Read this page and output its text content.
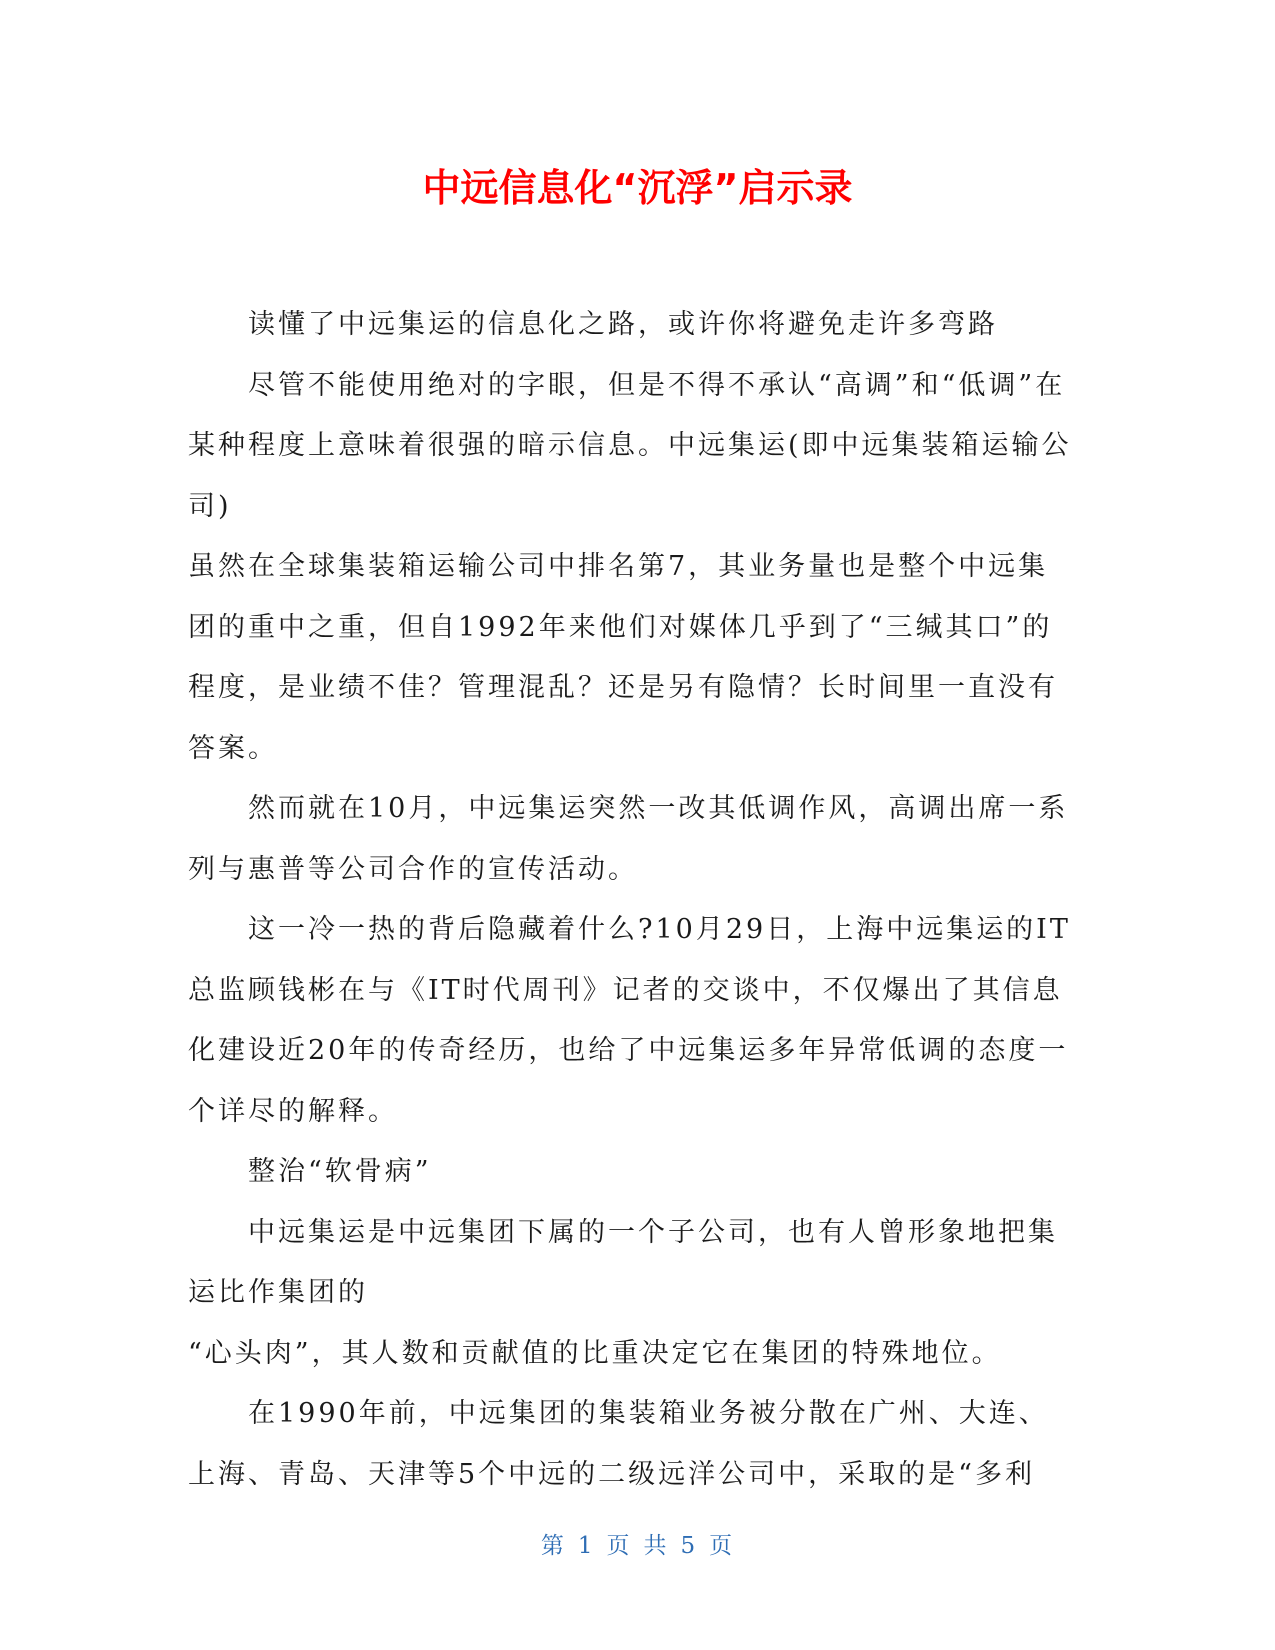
中远信息化“沉浮”启示录

读懂了中远集运的信息化之路，或许你将避免走许多弯路

尽管不能使用绝对的字眼，但是不得不承认“高调”和“低调”在某种程度上意味着很强的暗示信息。中远集运(即中远集装箱运输公司)

虽然在全球集装箱运输公司中排名第7，其业务量也是整个中远集团的重中之重，但自1992年来他们对媒体几乎到了“三缄其口”的程度，是业绩不佳？管理混乱？还是另有隐情？长时间里一直没有答案。

然而就在10月，中远集运突然一改其低调作风，高调出席一系列与惠普等公司合作的宣传活动。

这一冷一热的背后隐藏着什么?10月29日，上海中远集运的IT总监顾钱彬在与《IT时代周刊》记者的交谈中，不仅爆出了其信息化建设近20年的传奇经历，也给了中远集运多年异常低调的态度一个详尽的解释。

整治“软骨病”

中远集运是中远集团下属的一个子公司，也有人曾形象地把集运比作集团的

“心头肉”，其人数和贡献值的比重决定它在集团的特殊地位。

在1990年前，中远集团的集装箱业务被分散在广州、大连、上海、青岛、天津等5个中远的二级远洋公司中，采取的是“多利

第 1 页 共 5 页
